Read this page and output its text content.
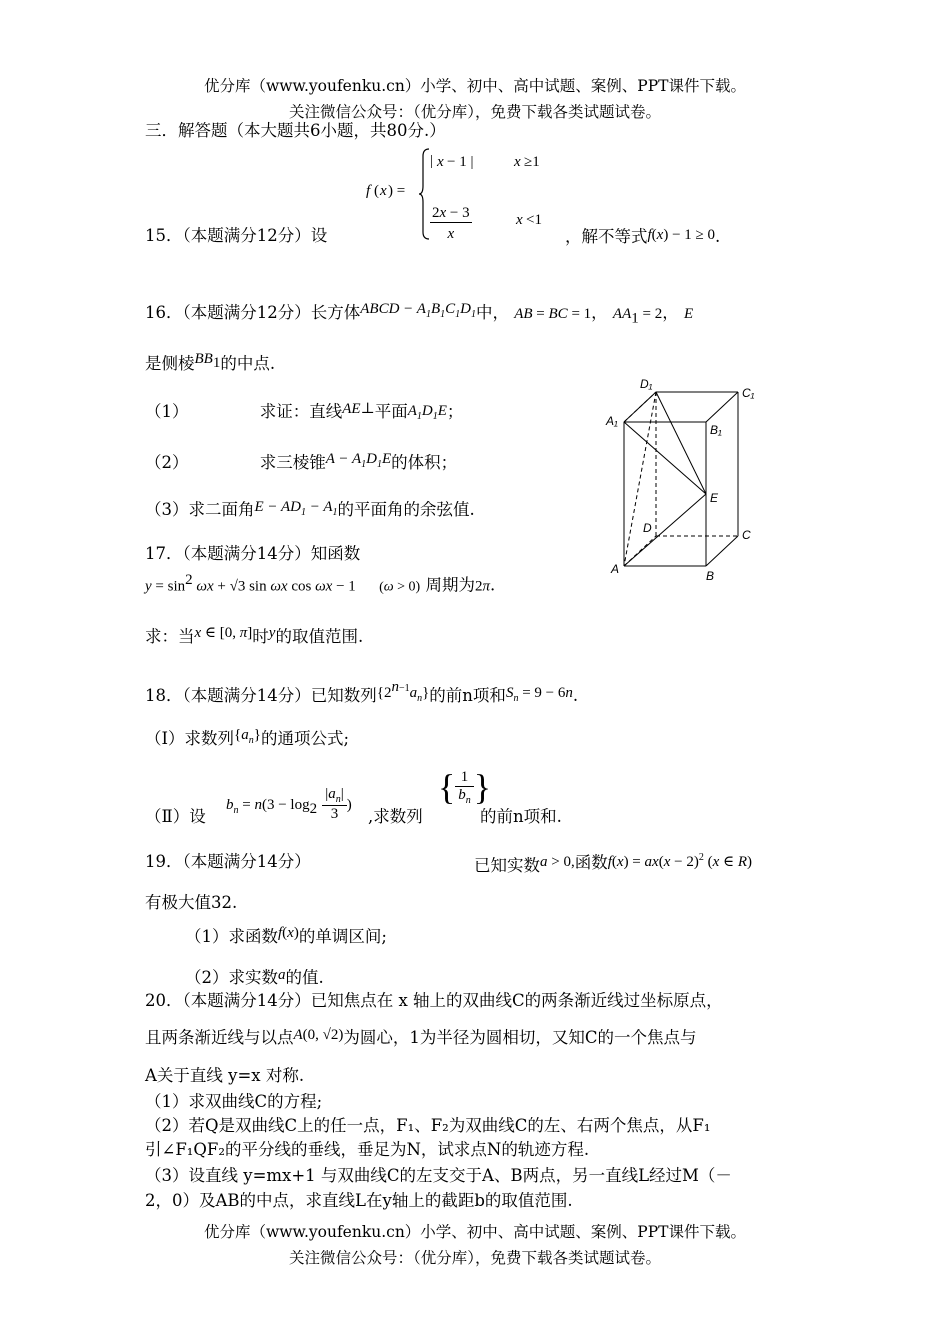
优分库（www.youfenku.cn）小学、初中、高中试题、案例、PPT课件下载。
关注微信公众号：（优分库），免费下载各类试题试卷。
三．解答题（本大题共6小题，共80分.）
f ( x ) =
| x − 1 |	x ≥1
2x − 3
x
x <1
15．（本题满分12分）设	，解不等式f(x) − 1 ≥ 0.
16．（本题满分12分）长方体ABCD − $A_1B_1C_1D_1$中， AB = BC = 1， $AA_1 = 2$， E
是侧棱$BB_1$的中点.
（1）	求证：直线AE⊥平面$A_1D_1E$；
（2）	求三棱锥$A - A_1D_1E$的体积；
（3）求二面角$E - AD_1 - A_1$的平面角的余弦值.
D₁
C₁
A₁
B₁
E
D	C
A	B
17．（本题满分14分）知函数
$y = \sin^2 \omega x + √3$ sin ωx cos ωx − 1 (ω > 0) 周期为2π.
求：当x ∈ [0, π]时y的取值范围.
18．（本题满分14分）已知数列$\{2^{n-1}a_n\}$的前n项和$S_n = 9 - 6n$.
（Ⅰ）求数列$\{a_n\}$的通项公式;
$b_n = n(3 - \log_2 \frac{|a_n|}{3}$ ) { $\frac{1}{b_n}$ }
（Ⅱ）设	,求数列	的前n项和.
19．（本题满分14分）	已知实数a > 0,函数$f(x) = ax(x - 2)^2$ (x ∈ R)
有极大值32.
（1）求函数f(x)的单调区间;
（2）求实数a的值.
20．（本题满分14分）已知焦点在 x 轴上的双曲线C的两条渐近线过坐标原点，
且两条渐近线与以点A(0, √2)为圆心，1为半径为圆相切，又知C的一个焦点与
A关于直线 y=x 对称.
（1）求双曲线C的方程;
（2）若Q是双曲线C上的任一点，F₁、F₂为双曲线C的左、右两个焦点，从F₁
引∠F₁QF₂的平分线的垂线，垂足为N，试求点N的轨迹方程.
（3）设直线 y=mx+1 与双曲线C的左支交于A、B两点，另一直线L经过M（－
2，0）及AB的中点，求直线L在y轴上的截距b的取值范围.
优分库（www.youfenku.cn）小学、初中、高中试题、案例、PPT课件下载。
关注微信公众号：（优分库），免费下载各类试题试卷。
